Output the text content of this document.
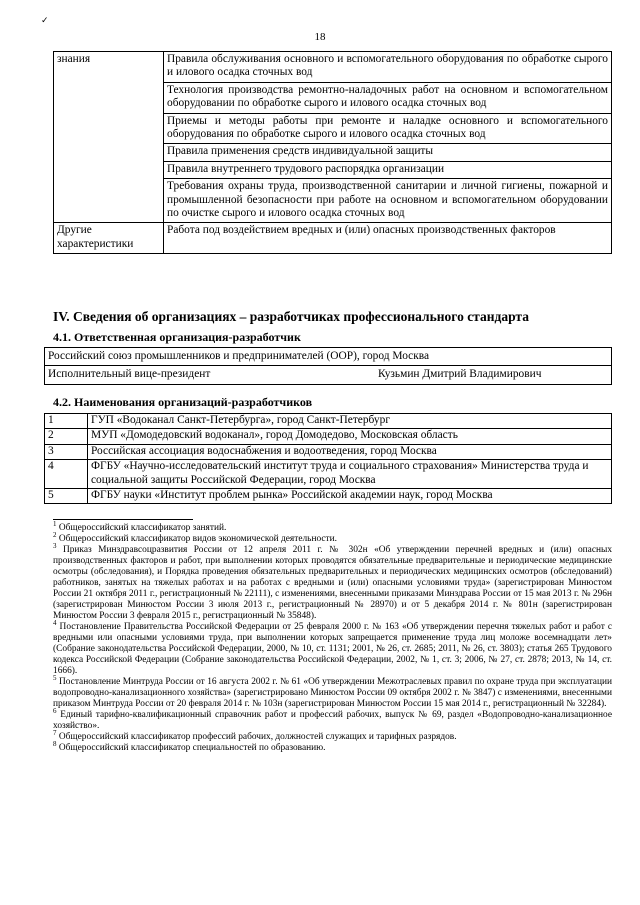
✓
18
знания	Правила обслуживания основного и вспомогательного оборудования по обработке сырого и илового осадка сточных вод
	Технология производства ремонтно-наладочных работ на основном и вспомогательном оборудовании по обработке сырого и илового осадка сточных вод
	Приемы и методы работы при ремонте и наладке основного и вспомогательного оборудования по обработке сырого и илового осадка сточных вод
	Правила применения средств индивидуальной защиты
	Правила внутреннего трудового распорядка организации
	Требования охраны труда, производственной санитарии и личной гигиены, пожарной и промышленной безопасности при работе на основном и вспомогательном оборудовании по очистке сырого и илового осадка сточных вод
Другие характеристики	Работа под воздействием вредных и (или) опасных производственных факторов
IV. Сведения об организациях – разработчиках профессионального стандарта
4.1. Ответственная организация-разработчик
Российский союз промышленников и предпринимателей (ООР), город Москва
Исполнительный вице-президент	Кузьмин Дмитрий Владимирович
4.2. Наименования организаций-разработчиков
1	ГУП «Водоканал Санкт-Петербурга», город Санкт-Петербург
2	МУП «Домодедовский водоканал», город Домодедово, Московская область
3	Российская ассоциация водоснабжения и водоотведения, город Москва
4	ФГБУ «Научно-исследовательский институт труда и социального страхования» Министерства труда и социальной защиты Российской Федерации, город Москва
5	ФГБУ науки «Институт проблем рынка» Российской академии наук, город Москва

$^1$ Общероссийский классификатор занятий.

$^2$ Общероссийский классификатор видов экономической деятельности.

$^3$ Приказ Минздравсоцразвития России от 12 апреля 2011 г. № 302н «Об утверждении перечней вредных и (или) опасных производственных факторов и работ, при выполнении которых проводятся обязательные предварительные и периодические медицинские осмотры (обследования), и Порядка проведения обязательных предварительных и периодических медицинских осмотров (обследований) работников, занятых на тяжелых работах и на работах с вредными и (или) опасными условиями труда» (зарегистрирован Минюстом России 21 октября 2011 г., регистрационный № 22111), с изменениями, внесенными приказами Минздрава России от 15 мая 2013 г. № 296н (зарегистрирован Минюстом России 3 июля 2013 г., регистрационный № 28970) и от 5 декабря 2014 г. № 801н (зарегистрирован Минюстом России 3 февраля 2015 г., регистрационный № 35848).

$^4$ Постановление Правительства Российской Федерации от 25 февраля 2000 г. № 163 «Об утверждении перечня тяжелых работ и работ с вредными или опасными условиями труда, при выполнении которых запрещается применение труда лиц моложе восемнадцати лет» (Собрание законодательства Российской Федерации, 2000, № 10, ст. 1131; 2001, № 26, ст. 2685; 2011, № 26, ст. 3803); статья 265 Трудового кодекса Российской Федерации (Собрание законодательства Российской Федерации, 2002, № 1, ст. 3; 2006, № 27, ст. 2878; 2013, № 14, ст. 1666).

$^5$ Постановление Минтруда России от 16 августа 2002 г. № 61 «Об утверждении Межотраслевых правил по охране труда при эксплуатации водопроводно-канализационного хозяйства» (зарегистрировано Минюстом России 09 октября 2002 г. № 3847) с изменениями, внесенными приказом Минтруда России от 20 февраля 2014 г. № 103н (зарегистрирован Минюстом России 15 мая 2014 г., регистрационный № 32284).

$^6$ Единый тарифно-квалификационный справочник работ и профессий рабочих, выпуск № 69, раздел «Водопроводно-канализационное хозяйство».

$^7$ Общероссийский классификатор профессий рабочих, должностей служащих и тарифных разрядов.

$^8$ Общероссийский классификатор специальностей по образованию.
